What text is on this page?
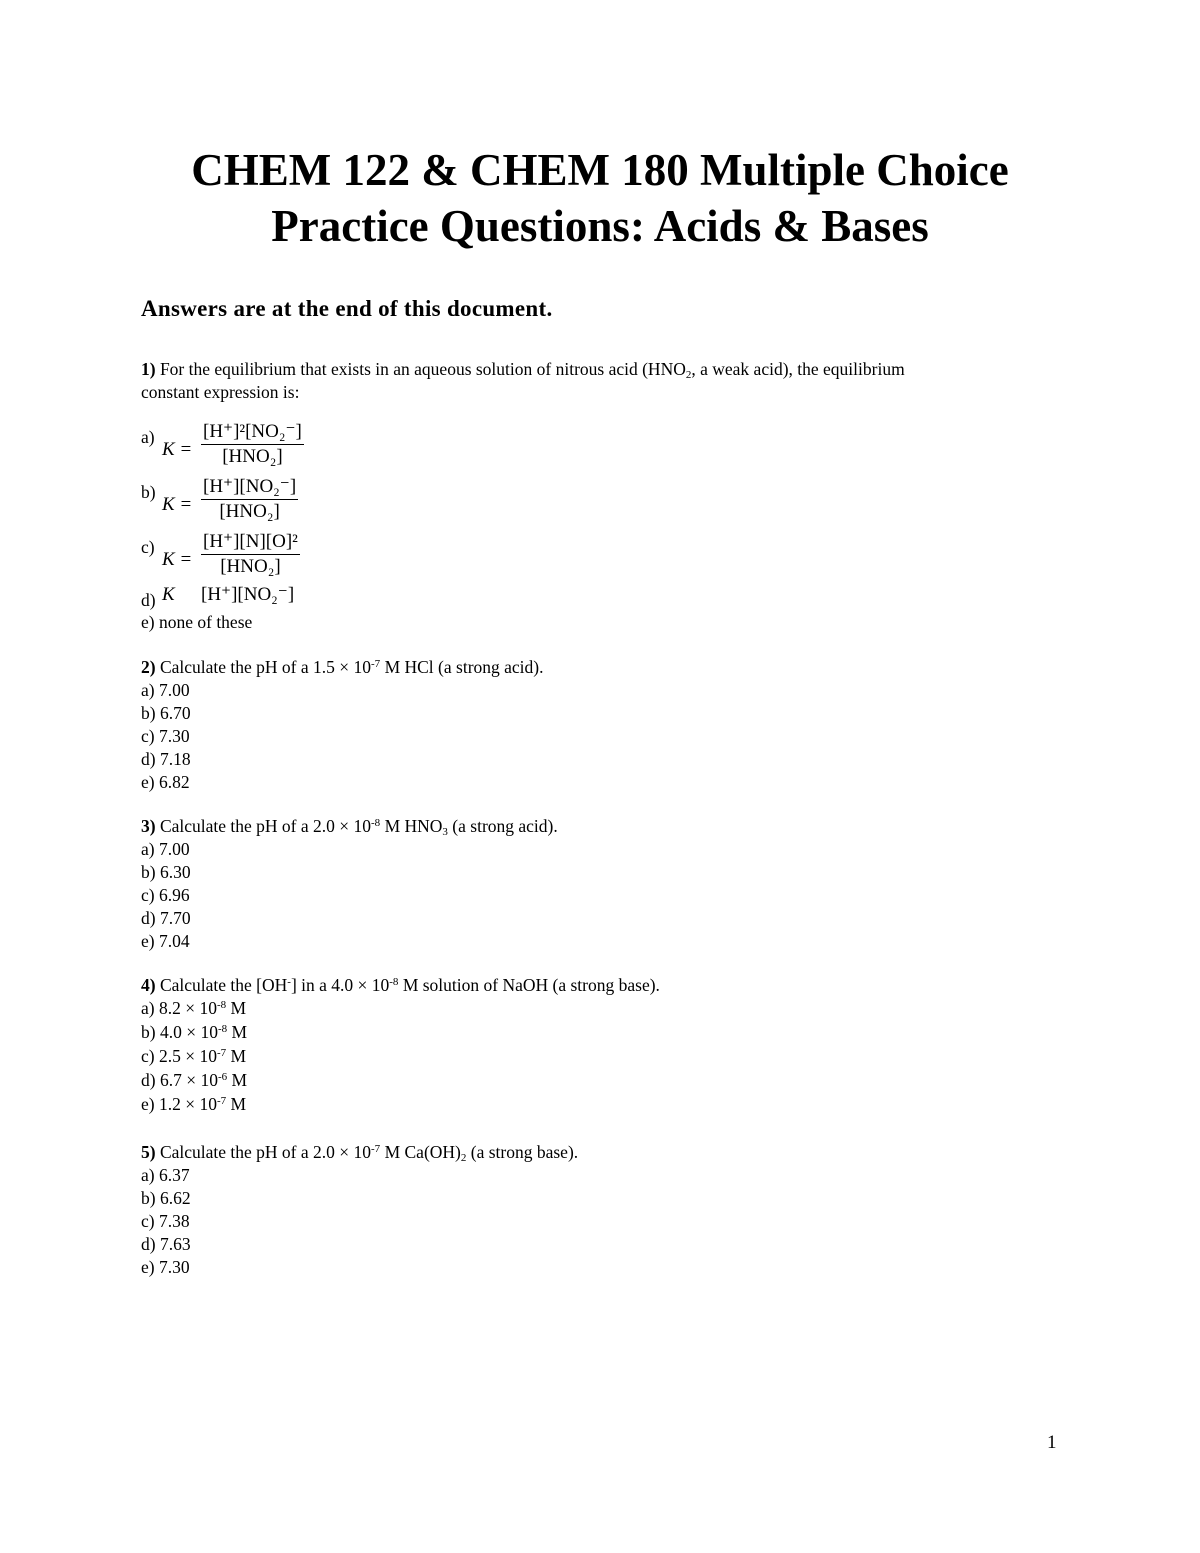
CHEM 122 & CHEM 180 Multiple Choice
Practice Questions: Acids & Bases
Answers are at the end of this document.
1) For the equilibrium that exists in an aqueous solution of nitrous acid ($HNO_2$, a weak acid), the equilibrium
constant expression is:
a)
K =
[H⁺]²[NO₂⁻]
[HNO₂]
b)
K =
[H⁺][NO₂⁻]
[HNO₂]
c)
K =
[H⁺][N][O]²
[HNO₂]
d) K [H⁺][NO₂⁻]
e) none of these
2) Calculate the pH of a $1.5 \times 10^{-7}$ M HCl (a strong acid).
a) 7.00
b) 6.70
c) 7.30
d) 7.18
e) 6.82
3) Calculate the pH of a $2.0 \times 10^{-8}$ M $HNO_3$ (a strong acid).
a) 7.00
b) 6.30
c) 6.96
d) 7.70
e) 7.04
4) Calculate the [OH-] in a $4.0 \times 10^{-8}$ M solution of NaOH (a strong base).
a) $8.2 \times 10^{-8}$ M
b) $4.0 \times 10^{-8}$ M
c) $2.5 \times 10^{-7}$ M
d) $6.7 \times 10^{-6}$ M
e) $1.2 \times 10^{-7}$ M
5) Calculate the pH of a $2.0 \times 10^{-7}$ M $Ca(OH)_2$ (a strong base).
a) 6.37
b) 6.62
c) 7.38
d) 7.63
e) 7.30
1
